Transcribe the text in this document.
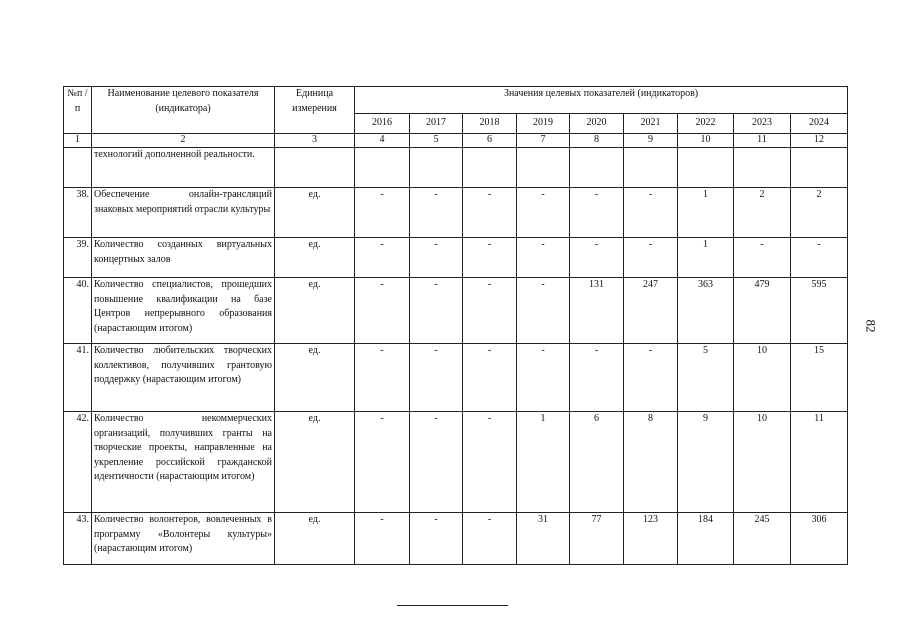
№п /п	Наименование целевого показателя (индикатора)	Единица измерения	Значения целевых показателей (индикаторов)								
			2016	2017	2018	2019	2020	2021	2022	2023	2024
1	2	3	4	5	6	7	8	9	10	11	12
	технологий дополненной реальности.										
38.	Обеспечение онлайн-трансляций знаковых мероприятий отрасли культуры	ед.	-	-	-	-	-	-	1	2	2
39.	Количество созданных виртуальных концертных залов	ед.	-	-	-	-	-	-	1	-	-
40.	Количество специалистов, прошедших повышение квалификации на базе Центров непрерывного образования (нарастающим итогом)	ед.	-	-	-	-	131	247	363	479	595
41.	Количество любительских творческих коллективов, получивших грантовую поддержку (нарастающим итогом)	ед.	-	-	-	-	-	-	5	10	15
42.	Количество некоммерческих организаций, получивших гранты на творческие проекты, направленные на укрепление российской гражданской идентичности (нарастающим итогом)	ед.	-	-	-	1	6	8	9	10	11
43.	Количество волонтеров, вовлеченных в программу «Волонтеры культуры» (нарастающим итогом)	ед.	-	-	-	31	77	123	184	245	306
82
